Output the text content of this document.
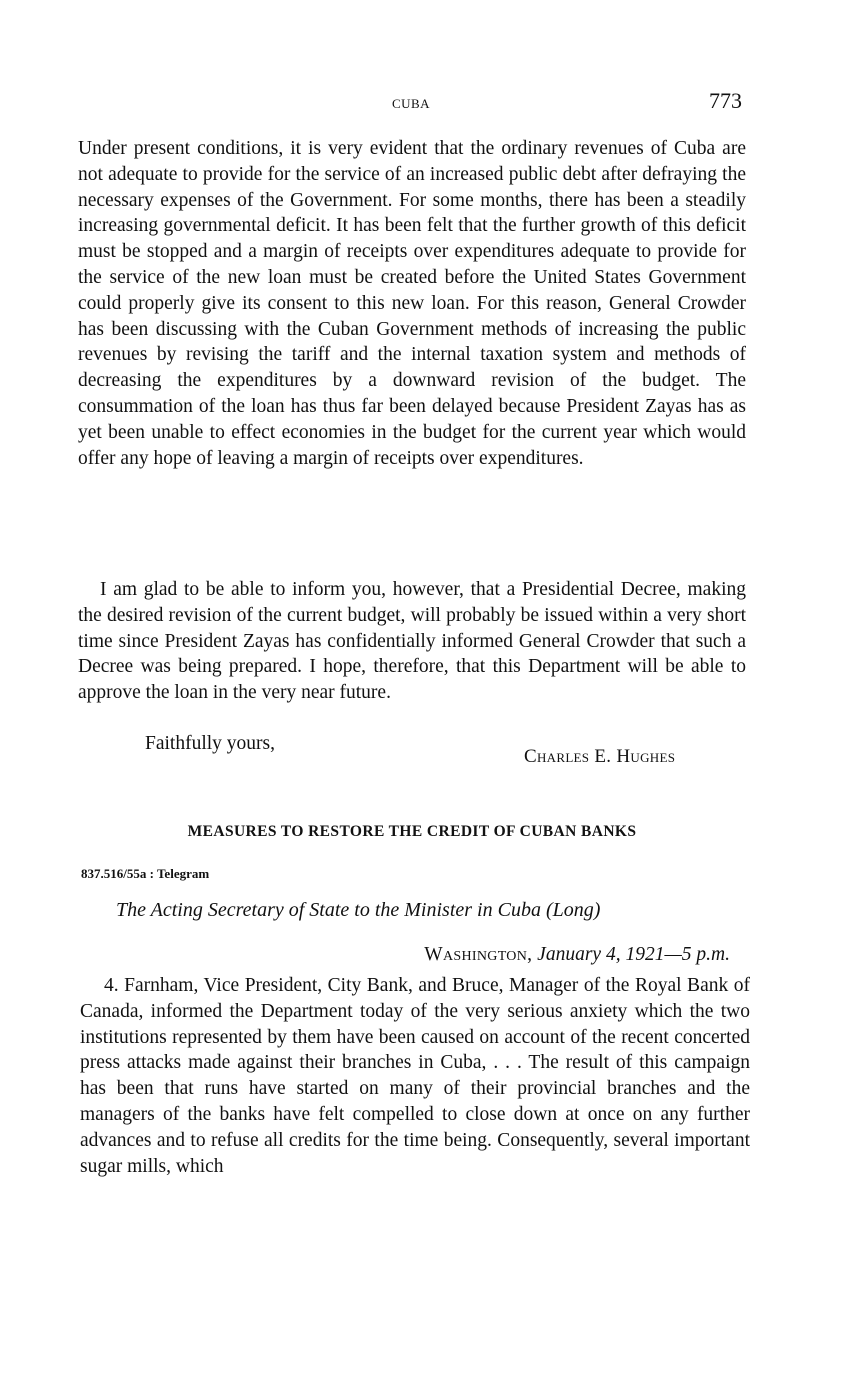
CUBA	773

Under present conditions, it is very evident that the ordinary revenues of Cuba are not adequate to provide for the service of an increased public debt after defraying the necessary expenses of the Government. For some months, there has been a steadily increasing governmental deficit. It has been felt that the further growth of this deficit must be stopped and a margin of receipts over expenditures adequate to provide for the service of the new loan must be created before the United States Government could properly give its consent to this new loan. For this reason, General Crowder has been discussing with the Cuban Government methods of increasing the public revenues by revising the tariff and the internal taxation system and methods of decreasing the expenditures by a downward revision of the budget. The consummation of the loan has thus far been delayed because President Zayas has as yet been unable to effect economies in the budget for the current year which would offer any hope of leaving a margin of receipts over expenditures.

I am glad to be able to inform you, however, that a Presidential Decree, making the desired revision of the current budget, will probably be issued within a very short time since President Zayas has confidentially informed General Crowder that such a Decree was being prepared. I hope, therefore, that this Department will be able to approve the loan in the very near future.

Faithfully yours,
Charles E. Hughes
MEASURES TO RESTORE THE CREDIT OF CUBAN BANKS
837.516/55a : Telegram
The Acting Secretary of State to the Minister in Cuba (Long)
Washington, January 4, 1921—5 p.m.

4. Farnham, Vice President, City Bank, and Bruce, Manager of the Royal Bank of Canada, informed the Department today of the very serious anxiety which the two institutions represented by them have been caused on account of the recent concerted press attacks made against their branches in Cuba, . . . The result of this campaign has been that runs have started on many of their provincial branches and the managers of the banks have felt compelled to close down at once on any further advances and to refuse all credits for the time being. Consequently, several important sugar mills, which
